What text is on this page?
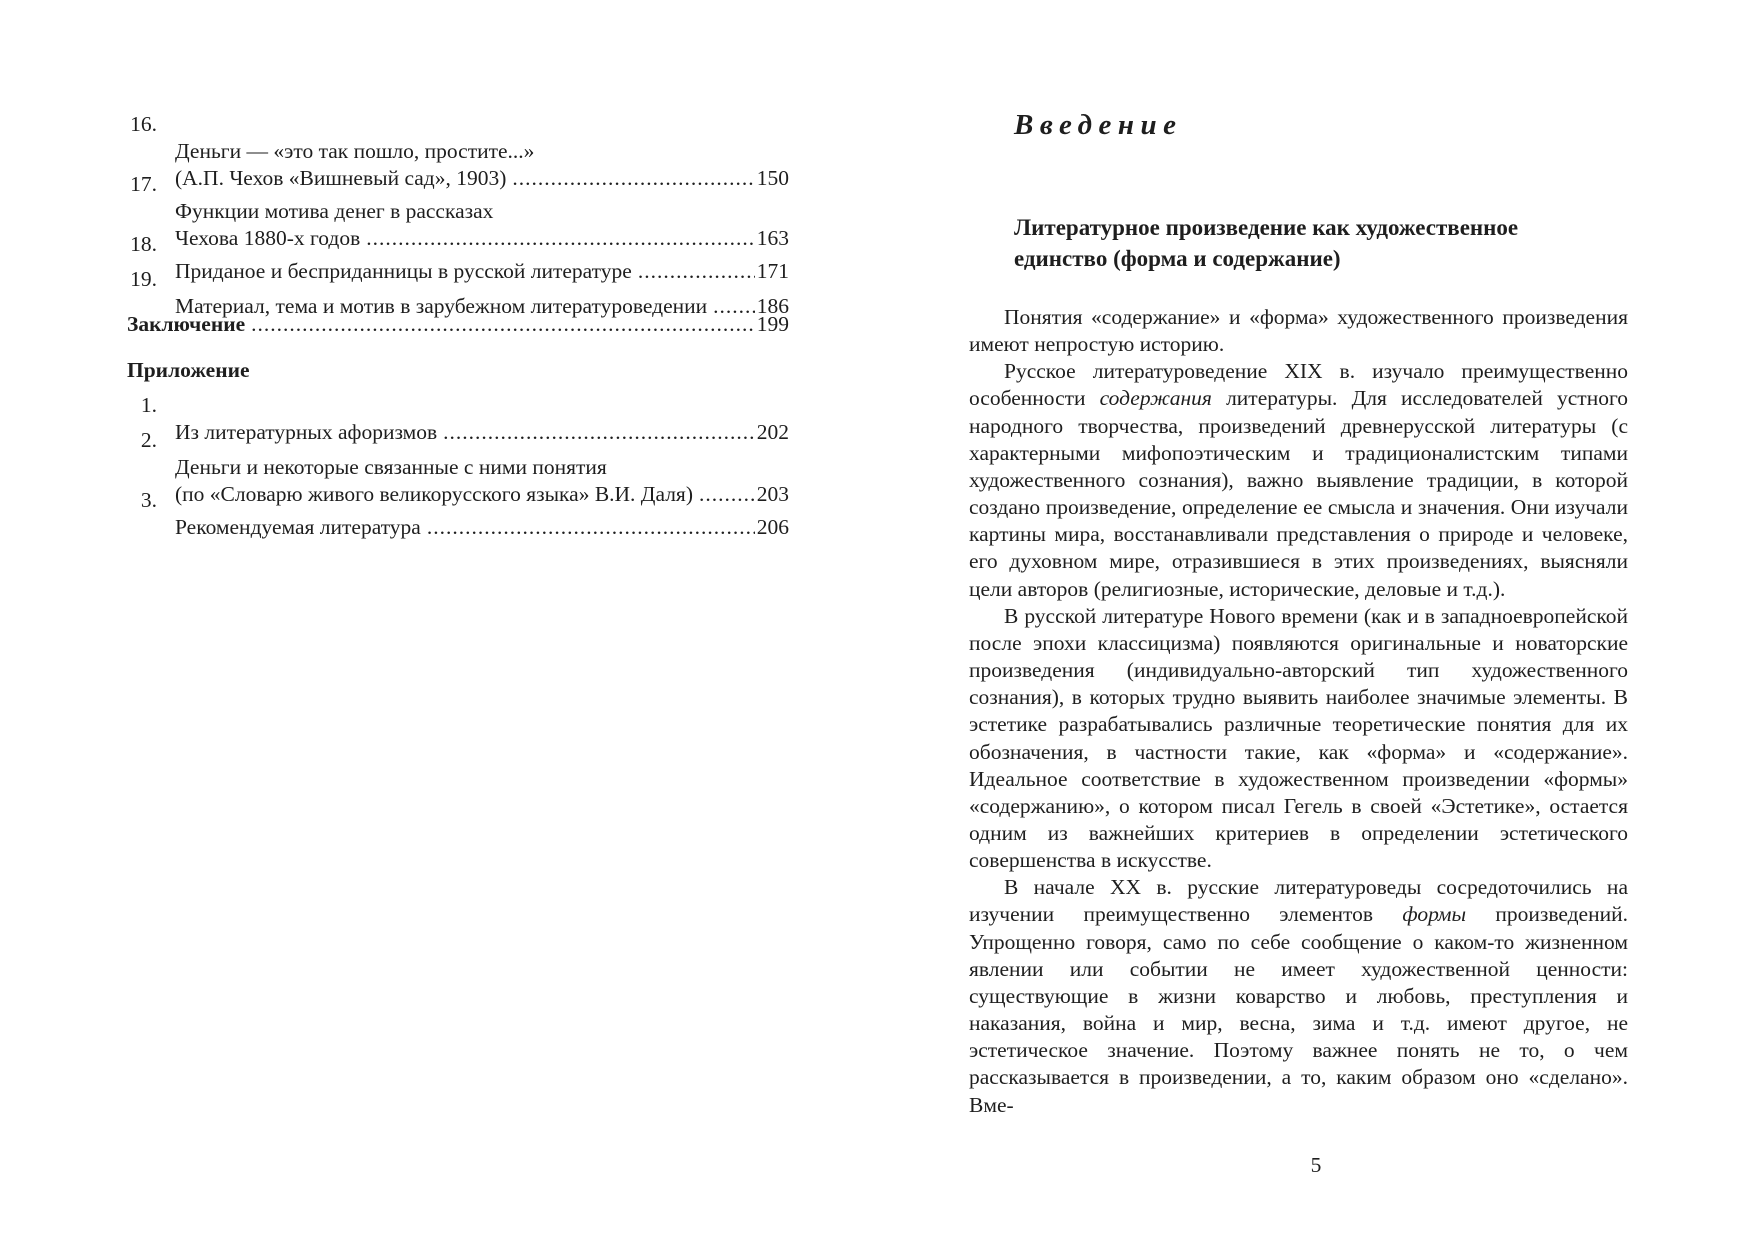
16.
Деньги — «это так пошло, простите...»
(А.П. Чехов «Вишневый сад», 1903) .....	150
17.
Функции мотива денег в рассказах
Чехова 1880-х годов .....	163
18.
Приданое и бесприданницы в русской литературе .....	171
19.
Материал, тема и мотив в зарубежном литературоведении ..... 186
Заключение .....	199
Приложение
1.
Из литературных афоризмов .....	202
2.
Деньги и некоторые связанные с ними понятия
(по «Словарю живого великорусского языка» В.И. Даля) .....	203
3.
Рекомендуемая литература .....	206
Введение
Литературное произведение как художественное единство (форма и содержание)

Понятия «содержание» и «форма» художественного произведения имеют непростую историю.

Русское литературоведение XIX в. изучало преимущественно особенности содержания литературы. Для исследователей устного народного творчества, произведений древнерусской литературы (с характерными мифопоэтическим и традиционалистским типами художественного сознания), важно выявление традиции, в которой создано произведение, определение ее смысла и значения. Они изучали картины мира, восстанавливали представления о природе и человеке, его духовном мире, отразившиеся в этих произведениях, выясняли цели авторов (религиозные, исторические, деловые и т.д.).

В русской литературе Нового времени (как и в западноевропейской после эпохи классицизма) появляются оригинальные и новаторские произведения (индивидуально-авторский тип художественного сознания), в которых трудно выявить наиболее значимые элементы. В эстетике разрабатывались различные теоретические понятия для их обозначения, в частности такие, как «форма» и «содержание». Идеальное соответствие в художественном произведении «формы» «содержанию», о котором писал Гегель в своей «Эстетике», остается одним из важнейших критериев в определении эстетического совершенства в искусстве.

В начале XX в. русские литературоведы сосредоточились на изучении преимущественно элементов формы произведений. Упрощенно говоря, само по себе сообщение о каком-то жизненном явлении или событии не имеет художественной ценности: существующие в жизни коварство и любовь, преступления и наказания, война и мир, весна, зима и т.д. имеют другое, не эстетическое значение. Поэтому важнее понять не то, о чем рассказывается в произведении, а то, каким образом оно «сделано». Вме-

5
